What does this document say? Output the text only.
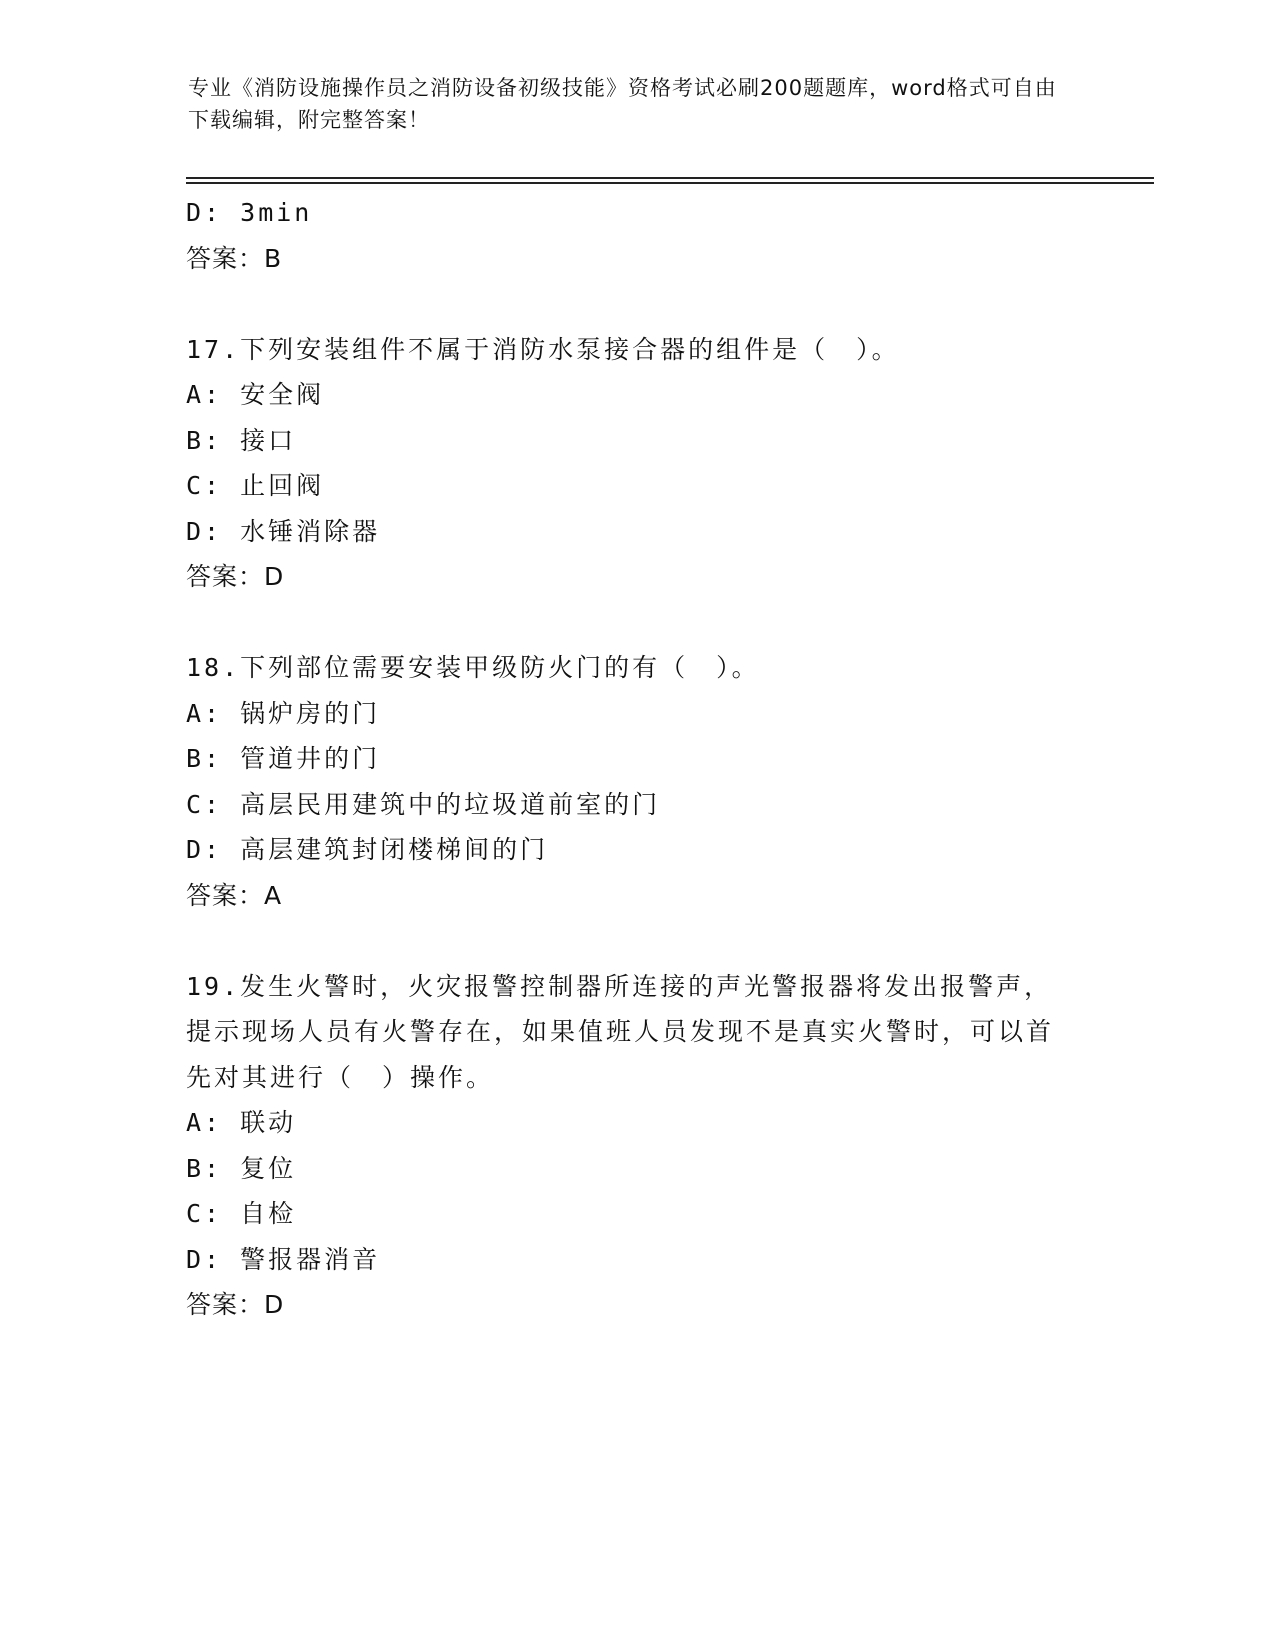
专业《消防设施操作员之消防设备初级技能》资格考试必刷200题题库，word格式可自由下载编辑，附完整答案！
D: 3min
答案：B
17.下列安装组件不属于消防水泵接合器的组件是（　）。
A: 安全阀
B: 接口
C: 止回阀
D: 水锤消除器
答案：D
18.下列部位需要安装甲级防火门的有（　）。
A: 锅炉房的门
B: 管道井的门
C: 高层民用建筑中的垃圾道前室的门
D: 高层建筑封闭楼梯间的门
答案：A
19.发生火警时，火灾报警控制器所连接的声光警报器将发出报警声，提示现场人员有火警存在，如果值班人员发现不是真实火警时，可以首先对其进行（　）操作。
A: 联动
B: 复位
C: 自检
D: 警报器消音
答案：D
